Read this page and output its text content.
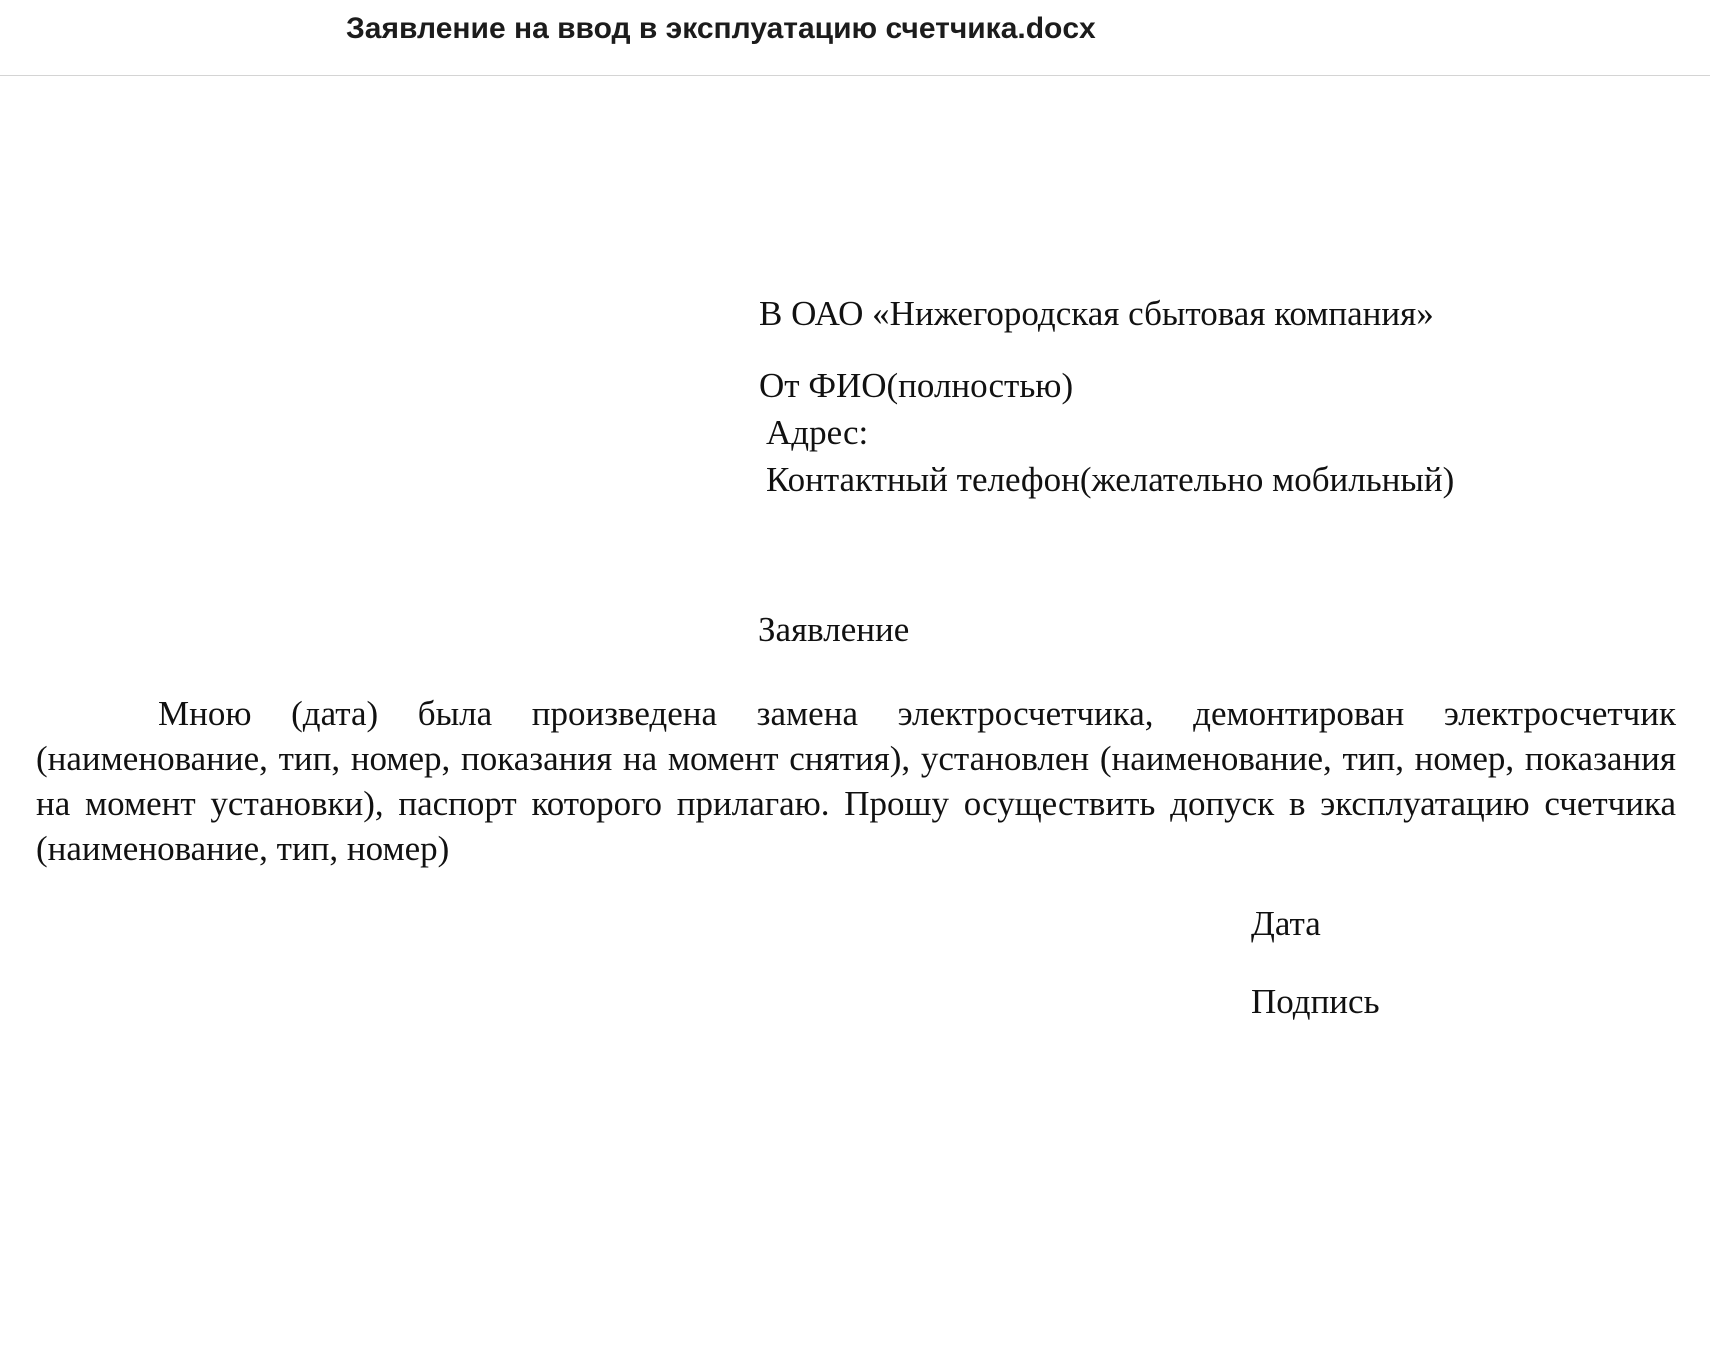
Заявление на ввод в эксплуатацию счетчика.docx
В ОАО «Нижегородская сбытовая компания»
От ФИО(полностью)
Адрес:
Контактный телефон(желательно мобильный)
Заявление

Мною (дата) была произведена замена электросчетчика, демонтирован электросчетчик (наименование, тип, номер, показания на момент снятия), установлен (наименование, тип, номер, показания на момент установки), паспорт которого прилагаю. Прошу осуществить допуск в эксплуатацию счетчика (наименование, тип, номер)

Дата
Подпись
